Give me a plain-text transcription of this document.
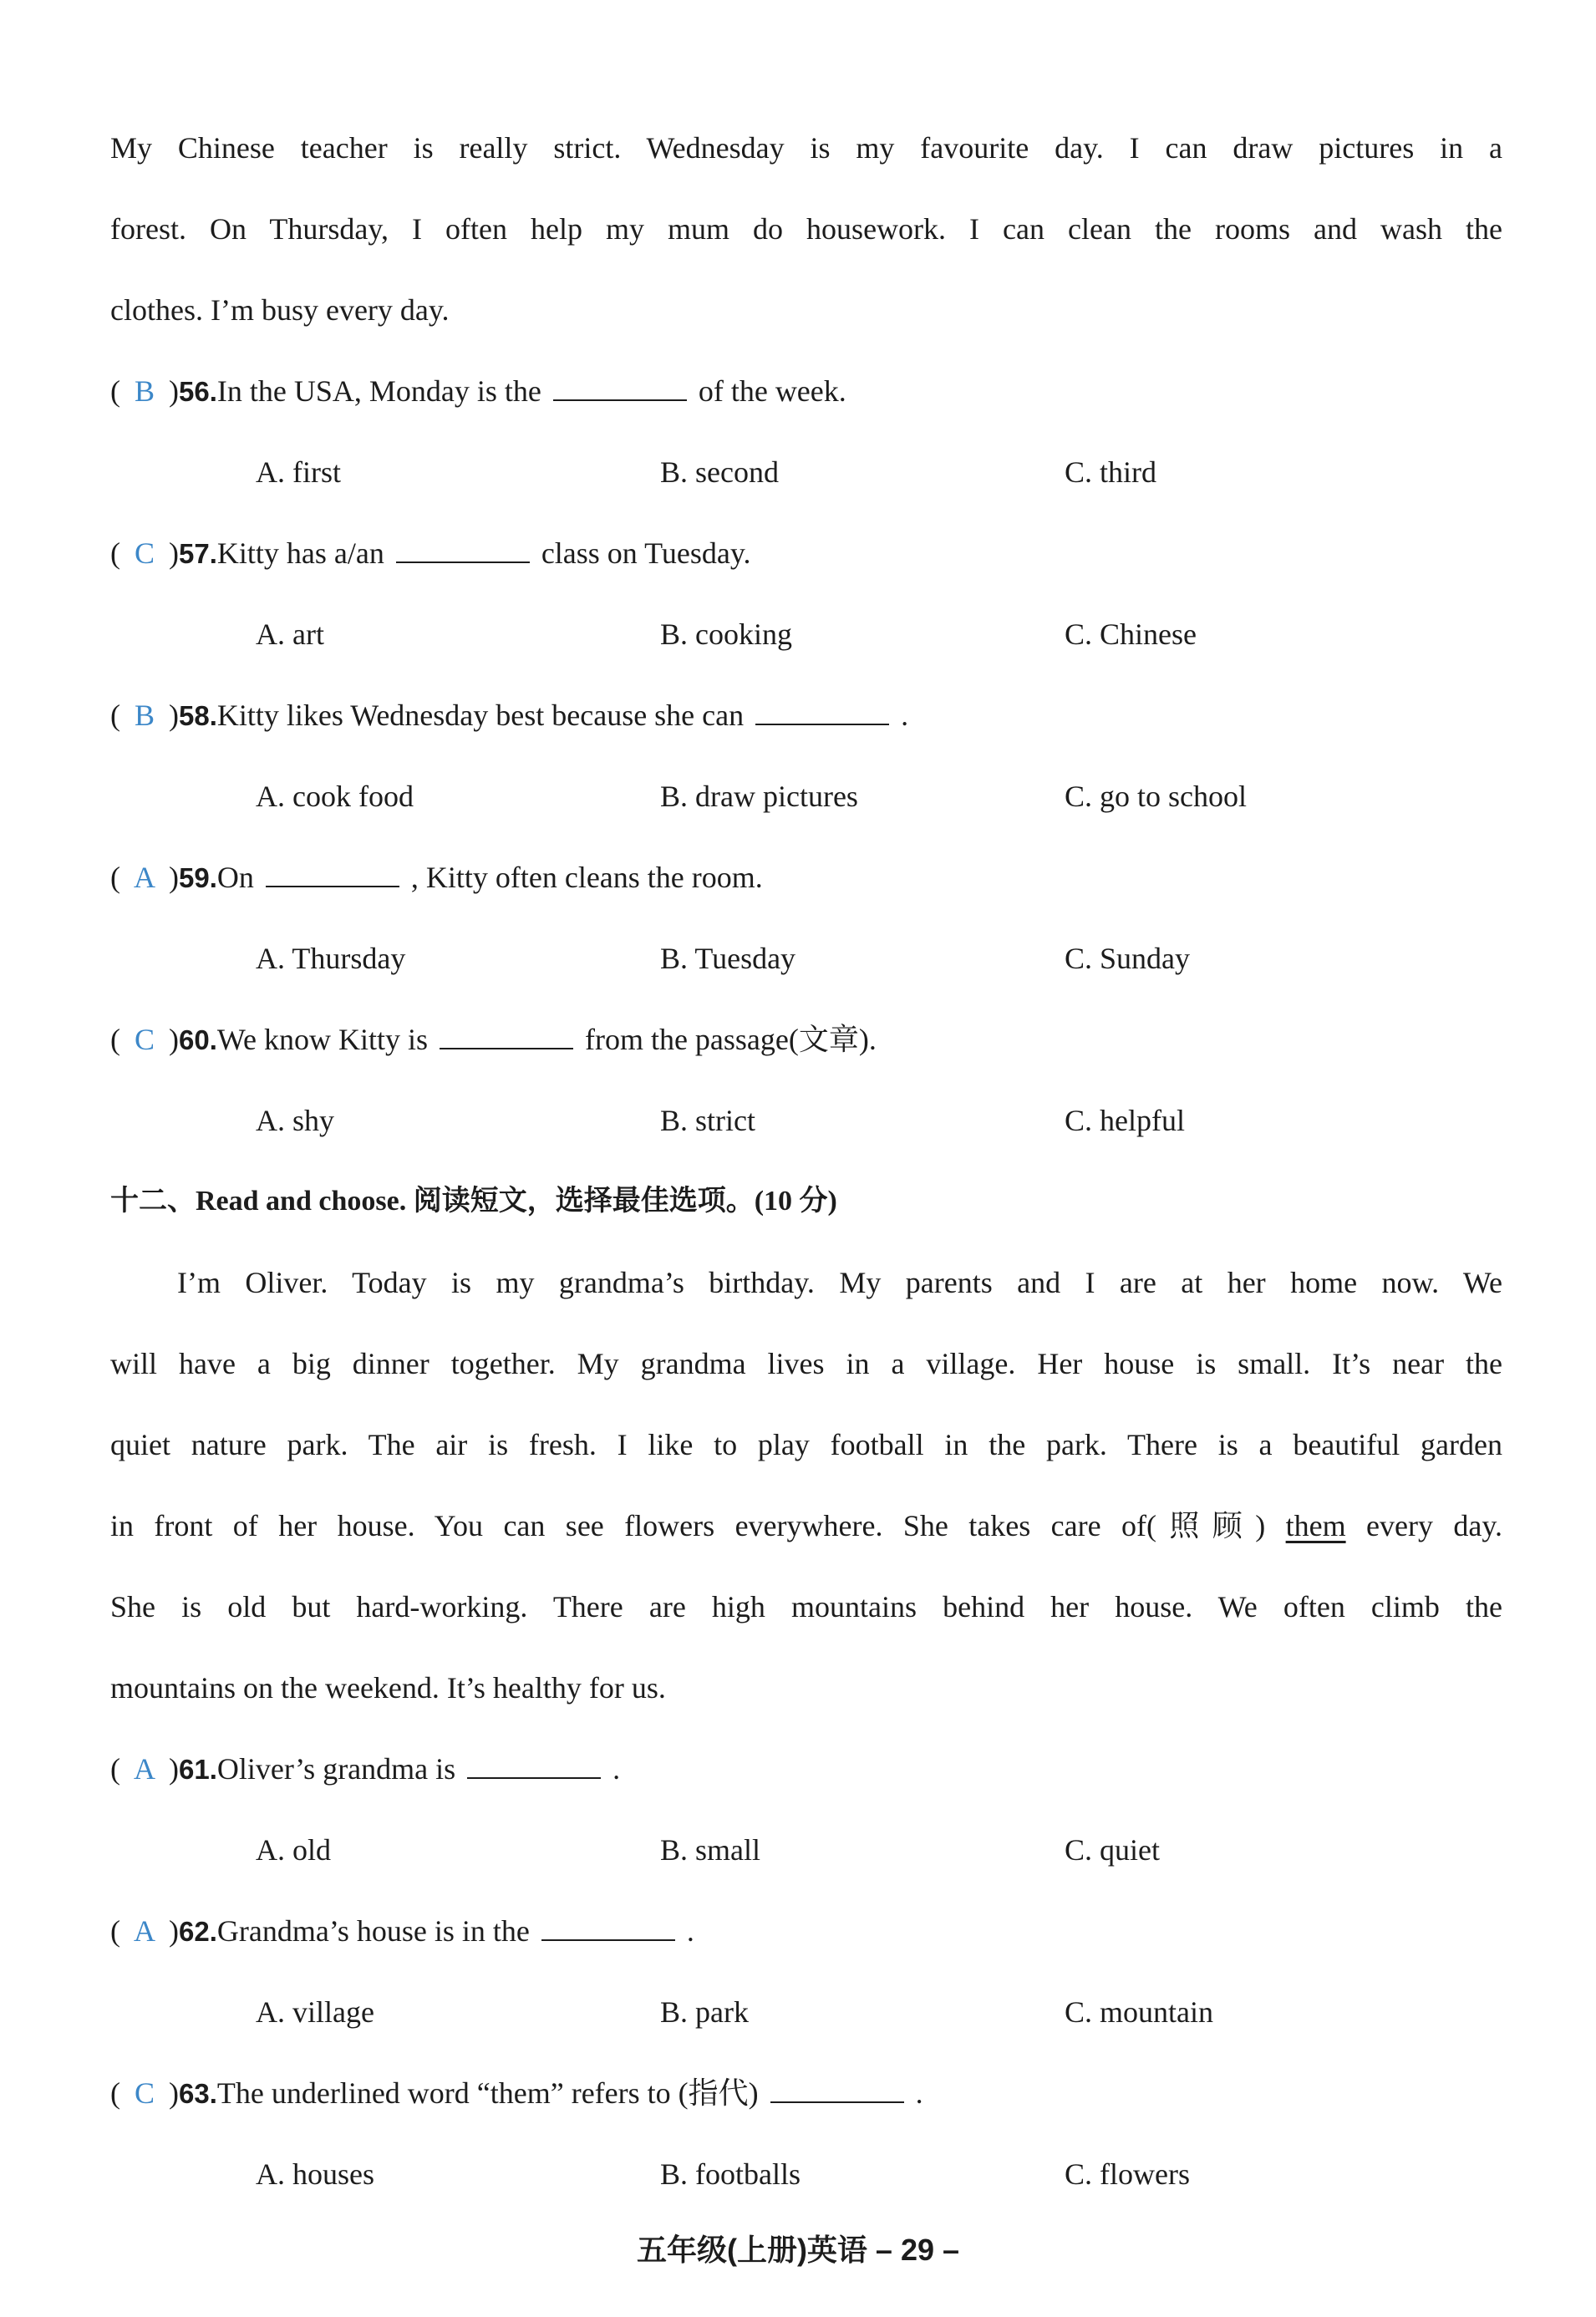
My Chinese teacher is really strict. Wednesday is my favourite day. I can draw pictures in a
forest. On Thursday, I often help my mum do housework. I can clean the rooms and wash the
clothes. I’m busy every day.
( B )56.In the USA, Monday is the	of the week.
A. first	B. second	C. third
( C )57.Kitty has a/an	class on Tuesday.
A. art	B. cooking	C. Chinese
( B )58.Kitty likes Wednesday best because she can	.
A. cook food	B. draw pictures	C. go to school
( A )59.On	, Kitty often cleans the room.
A. Thursday	B. Tuesday	C. Sunday
( C )60.We know Kitty is	from the passage(文章).
A. shy	B. strict	C. helpful
十二、Read and choose. 阅读短文，选择最佳选项。(10 分)
I’m Oliver. Today is my grandma’s birthday. My parents and I are at her home now. We
will have a big dinner together. My grandma lives in a village. Her house is small. It’s near the
quiet nature park. The air is fresh. I like to play football in the park. There is a beautiful garden
in front of her house. You can see flowers everywhere. She takes care of(照顾) them every day.
She is old but hard-working. There are high mountains behind her house. We often climb the
mountains on the weekend. It’s healthy for us.
( A )61.Oliver’s grandma is	.
A. old	B. small	C. quiet
( A )62.Grandma’s house is in the	.
A. village	B. park	C. mountain
( C )63.The underlined word “them” refers to (指代)	.
A. houses	B. footballs	C. flowers
五年级(上册)英语 – 29 –
